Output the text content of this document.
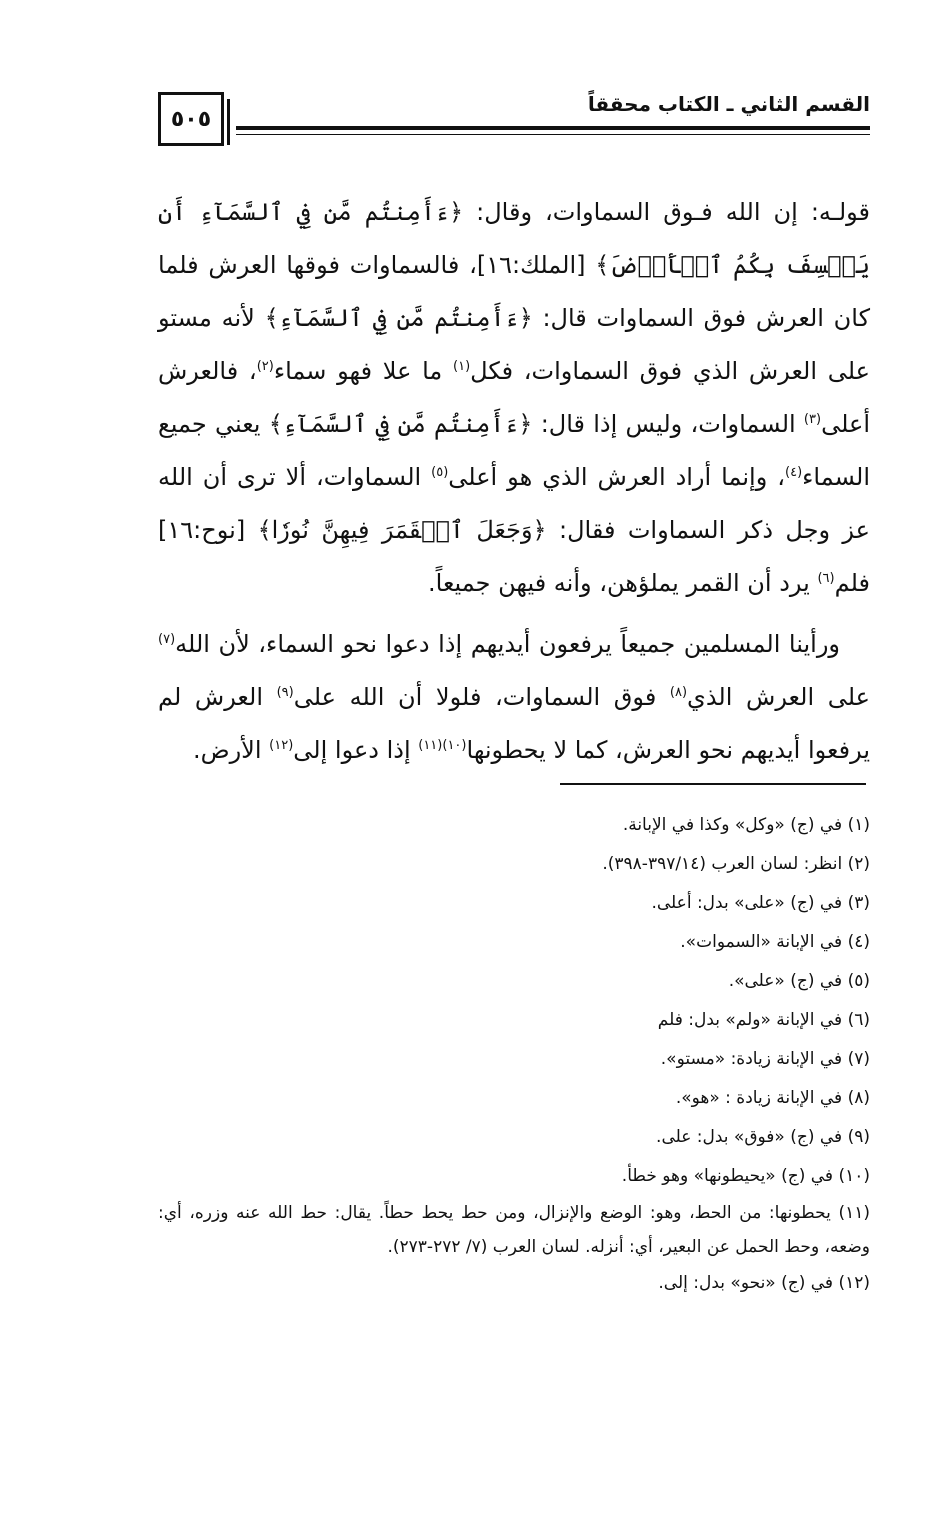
٥٠٥
القسم الثاني ـ الكتاب محققاً

قولـه: إن الله فـوق السماوات، وقال: ﴿ءَأَمِنتُم مَّن فِي ٱلسَّمَآءِ أَن يَخۡسِفَ بِكُمُ ٱلۡأَرۡضَ﴾ [الملك:١٦]، فالسماوات فوقها العرش فلما كان العرش فوق السماوات قال: ﴿ءَأَمِنتُم مَّن فِي ٱلسَّمَآءِ﴾ لأنه مستو على العرش الذي فوق السماوات، فكل$^{(١)}$ ما علا فهو سماء$^{(٢)}$، فالعرش أعلى$^{(٣)}$ السماوات، وليس إذا قال: ﴿ءَأَمِنتُم مَّن فِي ٱلسَّمَآءِ﴾ يعني جميع السماء$^{(٤)}$، وإنما أراد العرش الذي هو أعلى$^{(٥)}$ السماوات، ألا ترى أن الله عز وجل ذكر السماوات فقال: ﴿وَجَعَلَ ٱلۡقَمَرَ فِيهِنَّ نُورٗا﴾ [نوح:١٦] فلم$^{(٦)}$ يرد أن القمر يملؤهن، وأنه فيهن جميعاً.

ورأينا المسلمين جميعاً يرفعون أيديهم إذا دعوا نحو السماء، لأن الله$^{(٧)}$ على العرش الذي$^{(٨)}$ فوق السماوات، فلولا أن الله على$^{(٩)}$ العرش لم يرفعوا أيديهم نحو العرش، كما لا يحطونها$^{(١٠)(١١)}$ إذا دعوا إلى$^{(١٢)}$ الأرض.

(١) في (ج) «وكل» وكذا في الإبانة.

(٢) انظر: لسان العرب (٣٩٧/١٤-٣٩٨).

(٣) في (ج) «على» بدل: أعلى.

(٤) في الإبانة «السموات».

(٥) في (ج) «على».

(٦) في الإبانة «ولم» بدل: فلم

(٧) في الإبانة زيادة: «مستو».

(٨) في الإبانة زيادة : «هو».

(٩) في (ج) «فوق» بدل: على.

(١٠) في (ج) «يحيطونها» وهو خطأ.

(١١) يحطونها: من الحط، وهو: الوضع والإنزال، ومن حط يحط حطاً. يقال: حط الله عنه وزره، أي: وضعه، وحط الحمل عن البعير، أي: أنزله. لسان العرب (٧/ ٢٧٢-٢٧٣).

(١٢) في (ج) «نحو» بدل: إلى.
